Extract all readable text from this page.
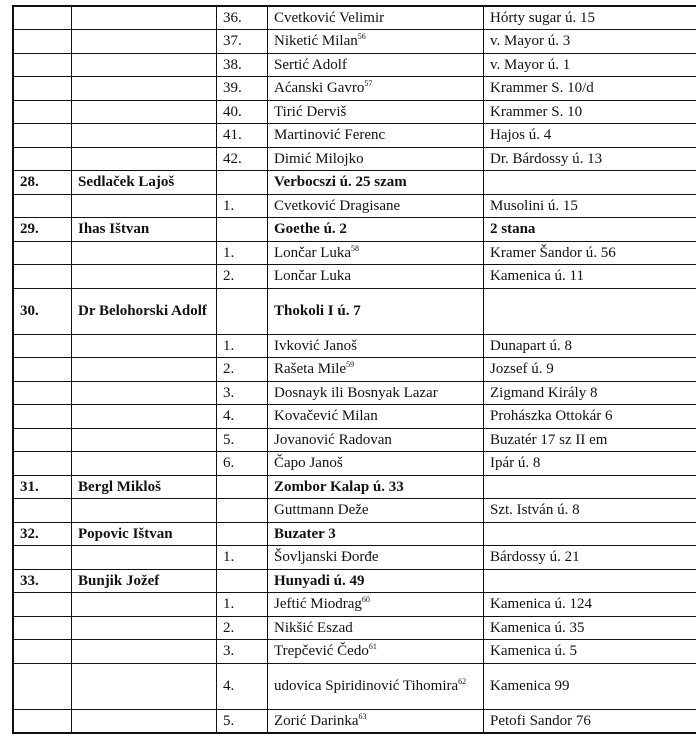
		36.	Cvetković Velimir	Hórty sugar ú. 15
		37.	Niketić Milan$^{56}$	v. Mayor ú. 3
		38.	Sertić Adolf	v. Mayor ú. 1
		39.	Aćanski Gavro$^{57}$	Krammer S. 10/d
		40.	Tirić Derviš	Krammer S. 10
		41.	Martinović Ferenc	Hajos ú. 4
		42.	Dimić Milojko	Dr. Bárdossy ú. 13
28.	Sedlaček Lajoš		Verbocszi ú. 25 szam	
		1.	Cvetković Dragisane	Musolini ú. 15
29.	Ihas Ištvan		Goethe ú. 2	2 stana
		1.	Lončar Luka$^{58}$	Kramer Šandor ú. 56
		2.	Lončar Luka	Kamenica ú. 11
30.	Dr Belohorski Adolf		Thokoli I ú. 7	
		1.	Ivković Janoš	Dunapart ú. 8
		2.	Rašeta Mile$^{59}$	Jozsef ú. 9
		3.	Dosnayk ili Bosnyak Lazar	Zigmand Király 8
		4.	Kovačević Milan	Prohászka Ottokár 6
		5.	Jovanović Radovan	Buzatér 17 sz II em
		6.	Čapo Janoš	Ipár ú. 8
31.	Bergl Mikloš		Zombor Kalap ú. 33	
			Guttmann Deže	Szt. István ú. 8
32.	Popovic Ištvan		Buzater 3	
		1.	Šovljanski Đorđe	Bárdossy ú. 21
33.	Bunjik Jožef		Hunyadi ú. 49	
		1.	Jeftić Miodrag$^{60}$	Kamenica ú. 124
		2.	Nikšić Eszad	Kamenica ú. 35
		3.	Trepčević Čedo$^{61}$	Kamenica ú. 5
		4.	udovica Spiridinović Tihomira$^{62}$	Kamenica 99
		5.	Zorić Darinka$^{63}$	Petofi Sandor 76
